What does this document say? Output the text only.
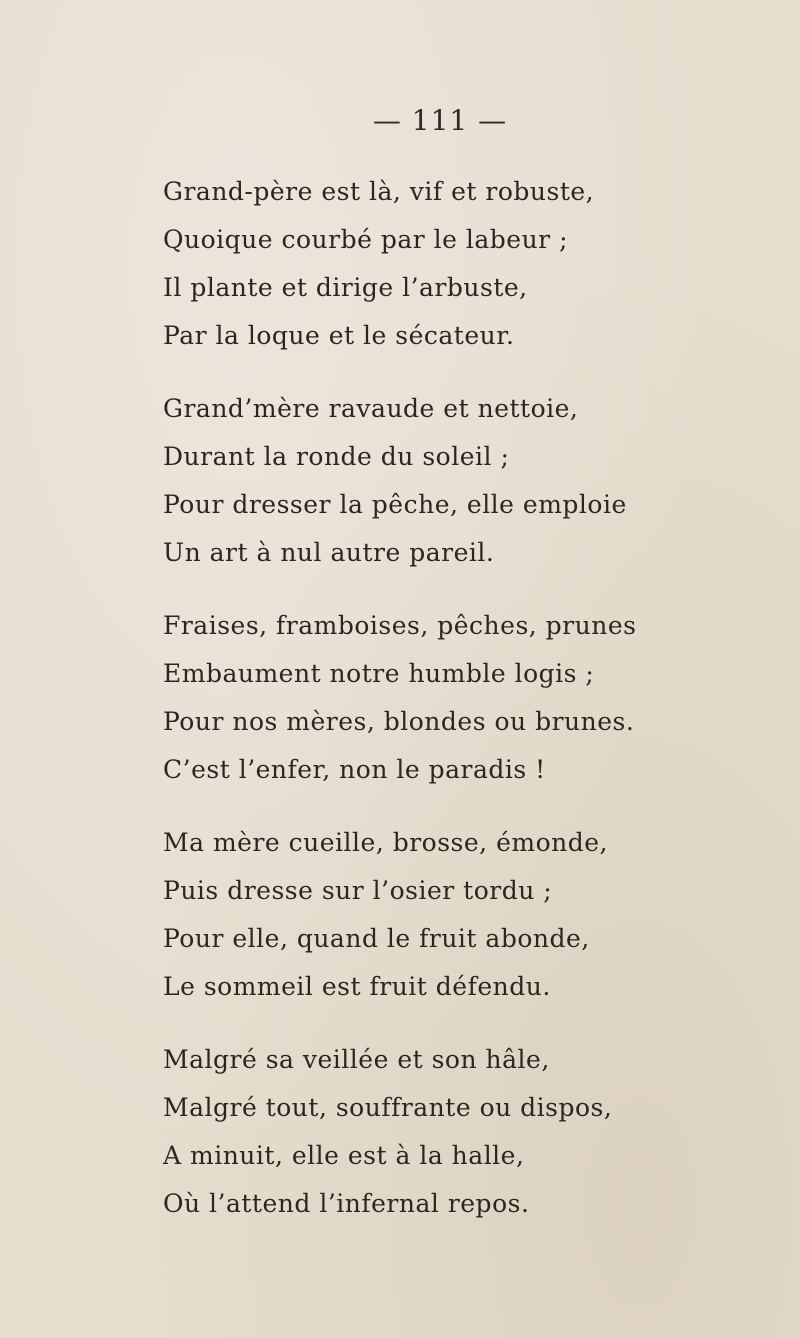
— 111 —
Grand-père est là, vif et robuste,
Quoique courbé par le labeur ;
Il plante et dirige l’arbuste,
Par la loque et le sécateur.
Grand’mère ravaude et nettoie,
Durant la ronde du soleil ;
Pour dresser la pêche, elle emploie
Un art à nul autre pareil.
Fraises, framboises, pêches, prunes
Embaument notre humble logis ;
Pour nos mères, blondes ou brunes.
C’est l’enfer, non le paradis !
Ma mère cueille, brosse, émonde,
Puis dresse sur l’osier tordu ;
Pour elle, quand le fruit abonde,
Le sommeil est fruit défendu.
Malgré sa veillée et son hâle,
Malgré tout, souffrante ou dispos,
A minuit, elle est à la halle,
Où l’attend l’infernal repos.
